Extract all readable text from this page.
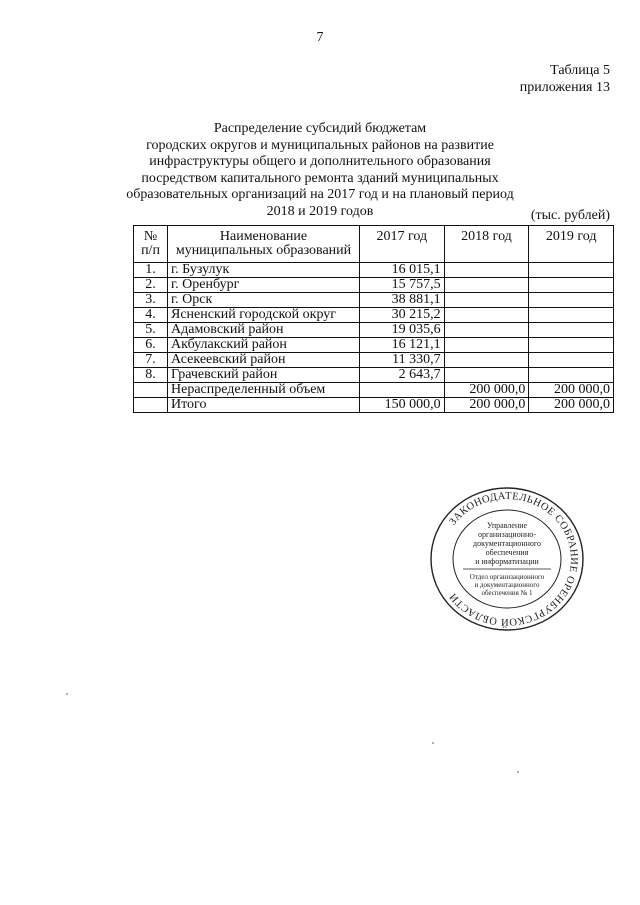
7
Таблица 5
приложения 13
Распределение субсидий бюджетам
городских округов и муниципальных районов на развитие инфраструктуры общего и дополнительного образования посредством капитального ремонта зданий муниципальных образовательных организаций на 2017 год и на плановый период 2018 и 2019 годов	(тыс. рублей)
№ п/п	Наименование муниципальных образований	2017 год	2018 год	2019 год
1.	г. Бузулук	16 015,1		
2.	г. Оренбург	15 757,5		
3.	г. Орск	38 881,1		
4.	Ясненский городской округ	30 215,2		
5.	Адамовский район	19 035,6		
6.	Акбулакский район	16 121,1		
7.	Асекеевский район	11 330,7		
8.	Грачевский район	2 643,7		
	Нераспределенный объем		200 000,0	200 000,0
	Итого	150 000,0	200 000,0	200 000,0
ЗАКОНОДАТЕЛЬНОЕ СОБРАНИЕ ОРЕНБУРГСКОЙ ОБЛАСТИ
Управление
организационно-
документационного
обеспечения
и информатизации
Отдел организационного
и документационного
обеспечения № 1
